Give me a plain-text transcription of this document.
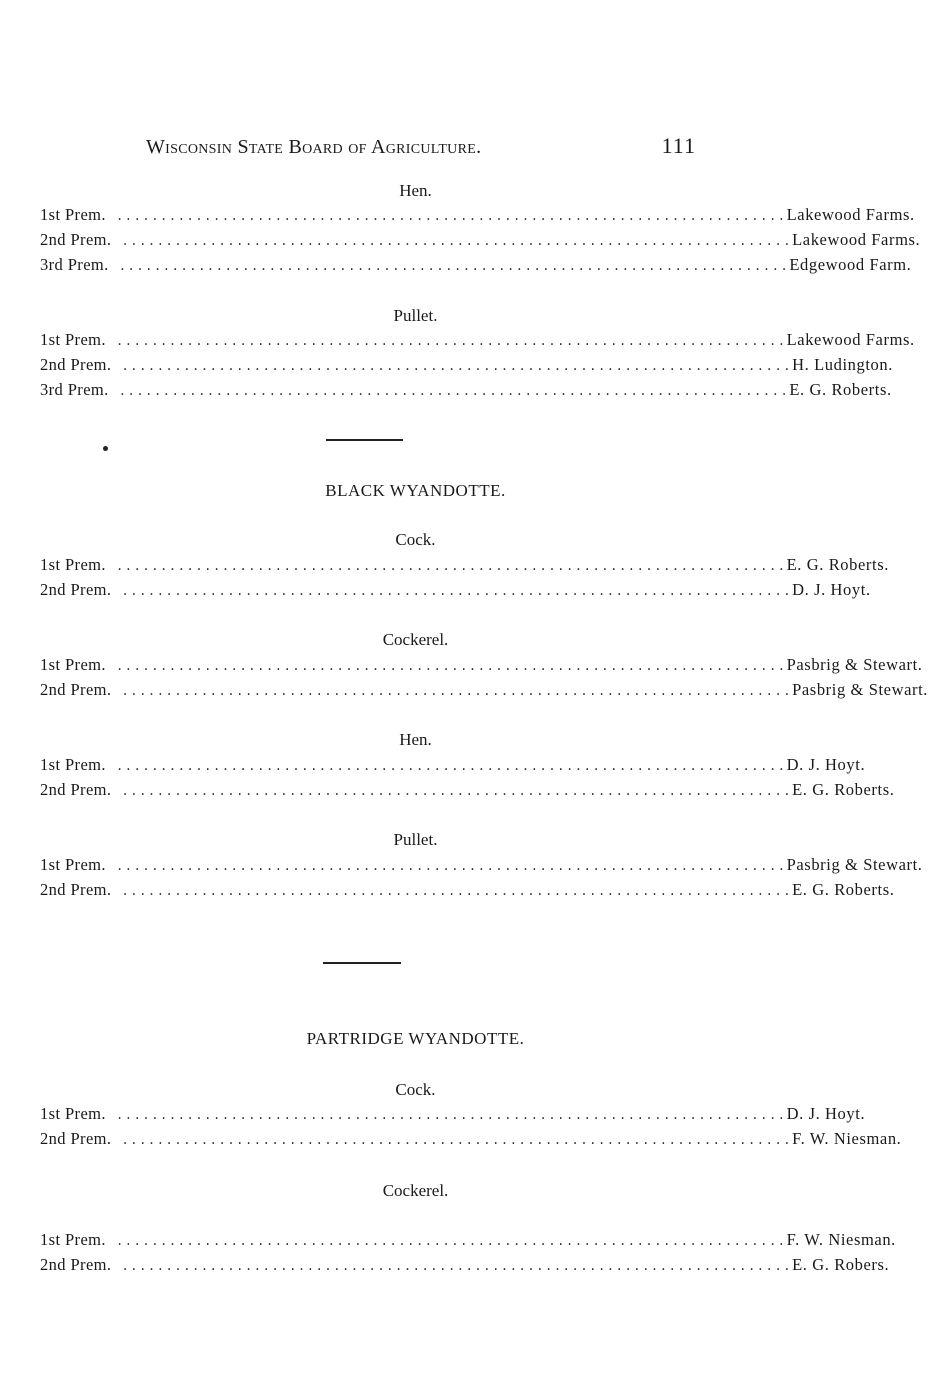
Wisconsin State Board of Agriculture.	111
Hen.
1st Prem. ............................................................................ Lakewood Farms.
2nd Prem. ............................................................................ Lakewood Farms.
3rd Prem. ............................................................................ Edgewood Farm.
Pullet.
1st Prem. ............................................................................ Lakewood Farms.
2nd Prem. ............................................................................ H. Ludington.
3rd Prem. ............................................................................ E. G. Roberts.
BLACK WYANDOTTE.
Cock.
1st Prem. ............................................................................ E. G. Roberts.
2nd Prem. ............................................................................ D. J. Hoyt.
Cockerel.
1st Prem. ............................................................................ Pasbrig & Stewart.
2nd Prem. ............................................................................ Pasbrig & Stewart.
Hen.
1st Prem. ............................................................................ D. J. Hoyt.
2nd Prem. ............................................................................ E. G. Roberts.
Pullet.
1st Prem. ............................................................................ Pasbrig & Stewart.
2nd Prem. ............................................................................ E. G. Roberts.
PARTRIDGE WYANDOTTE.
Cock.
1st Prem. ............................................................................ D. J. Hoyt.
2nd Prem. ............................................................................ F. W. Niesman.
Cockerel.
1st Prem. ............................................................................ F. W. Niesman.
2nd Prem. ............................................................................ E. G. Robers.
